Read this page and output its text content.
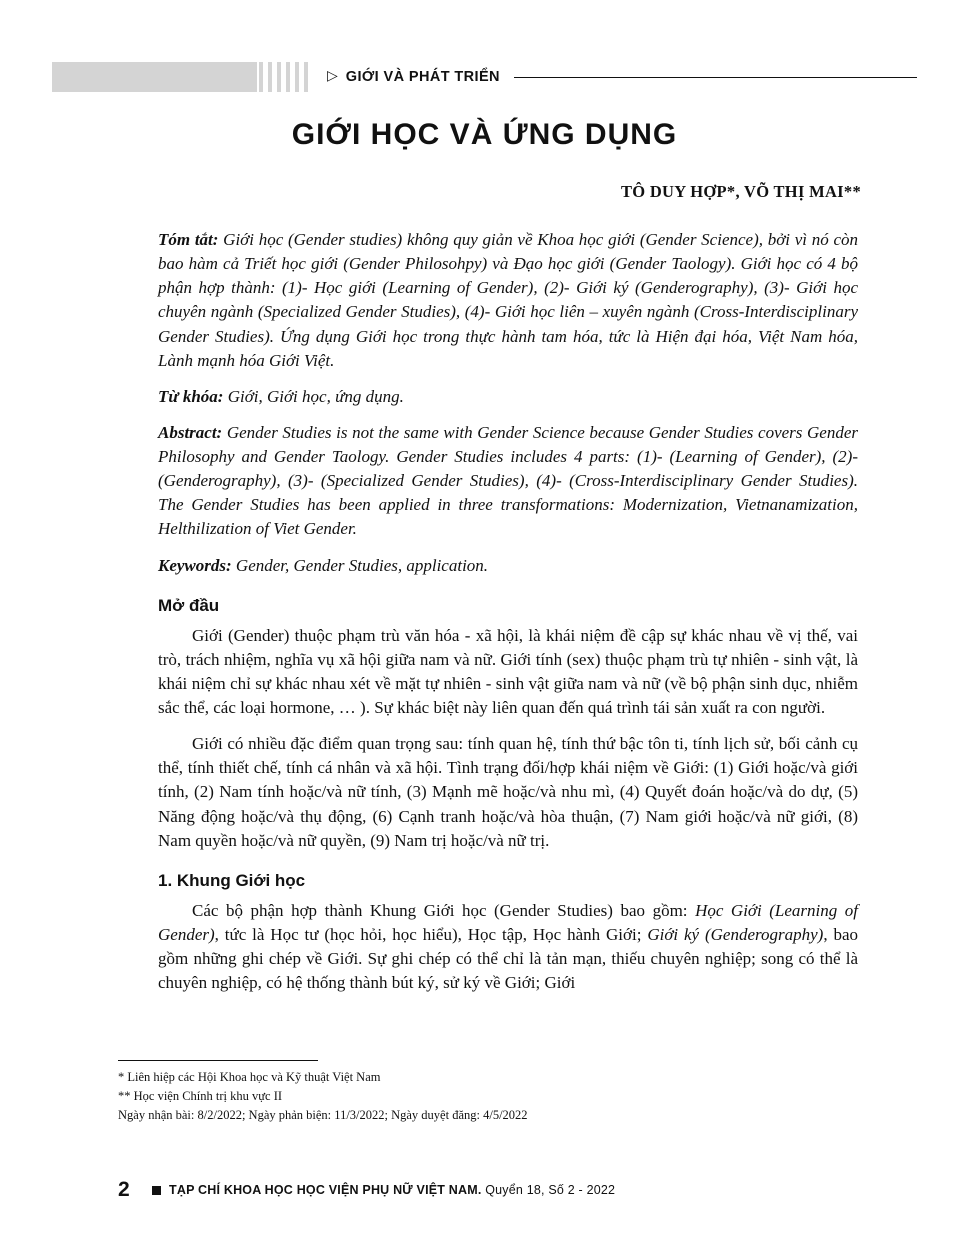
▷ GIỚI VÀ PHÁT TRIỂN
GIỚI HỌC VÀ ỨNG DỤNG
TÔ DUY HỢP*, VÕ THỊ MAI**

Tóm tắt: Giới học (Gender studies) không quy giản về Khoa học giới (Gender Science), bởi vì nó còn bao hàm cả Triết học giới (Gender Philosohpy) và Đạo học giới (Gender Taology). Giới học có 4 bộ phận hợp thành: (1)- Học giới (Learning of Gender), (2)- Giới ký (Genderography), (3)- Giới học chuyên ngành (Specialized Gender Studies), (4)- Giới học liên – xuyên ngành (Cross-Interdisciplinary Gender Studies). Ứng dụng Giới học trong thực hành tam hóa, tức là Hiện đại hóa, Việt Nam hóa, Lành mạnh hóa Giới Việt.

Từ khóa: Giới, Giới học, ứng dụng.

Abstract: Gender Studies is not the same with Gender Science because Gender Studies covers Gender Philosophy and Gender Taology. Gender Studies includes 4 parts: (1)- (Learning of Gender), (2)- (Genderography), (3)- (Specialized Gender Studies), (4)- (Cross-Interdisciplinary Gender Studies). The Gender Studies has been applied in three transformations: Modernization, Vietnanamization, Helthilization of Viet Gender.

Keywords: Gender, Gender Studies, application.

Mở đầu

Giới (Gender) thuộc phạm trù văn hóa - xã hội, là khái niệm đề cập sự khác nhau về vị thế, vai trò, trách nhiệm, nghĩa vụ xã hội giữa nam và nữ. Giới tính (sex) thuộc phạm trù tự nhiên - sinh vật, là khái niệm chỉ sự khác nhau xét về mặt tự nhiên - sinh vật giữa nam và nữ (về bộ phận sinh dục, nhiễm sắc thể, các loại hormone, … ). Sự khác biệt này liên quan đến quá trình tái sản xuất ra con người.

Giới có nhiều đặc điểm quan trọng sau: tính quan hệ, tính thứ bậc tôn ti, tính lịch sử, bối cảnh cụ thể, tính thiết chế, tính cá nhân và xã hội. Tình trạng đối/hợp khái niệm về Giới: (1) Giới hoặc/và giới tính, (2) Nam tính hoặc/và nữ tính, (3) Mạnh mẽ hoặc/và nhu mì, (4) Quyết đoán hoặc/và do dự, (5) Năng động hoặc/và thụ động, (6) Cạnh tranh hoặc/và hòa thuận, (7) Nam giới hoặc/và nữ giới, (8) Nam quyền hoặc/và nữ quyền, (9) Nam trị hoặc/và nữ trị.

1. Khung Giới học

Các bộ phận hợp thành Khung Giới học (Gender Studies) bao gồm: Học Giới (Learning of Gender), tức là Học tư (học hỏi, học hiểu), Học tập, Học hành Giới; Giới ký (Genderography), bao gồm những ghi chép về Giới. Sự ghi chép có thể chỉ là tản mạn, thiếu chuyên nghiệp; song có thể là chuyên nghiệp, có hệ thống thành bút ký, sử ký về Giới; Giới

* Liên hiệp các Hội Khoa học và Kỹ thuật Việt Nam

** Học viện Chính trị khu vực II

Ngày nhận bài: 8/2/2022; Ngày phản biện: 11/3/2022; Ngày duyệt đăng: 4/5/2022

2	TẠP CHÍ KHOA HỌC HỌC VIỆN PHỤ NỮ VIỆT NAM. Quyển 18, Số 2 - 2022
